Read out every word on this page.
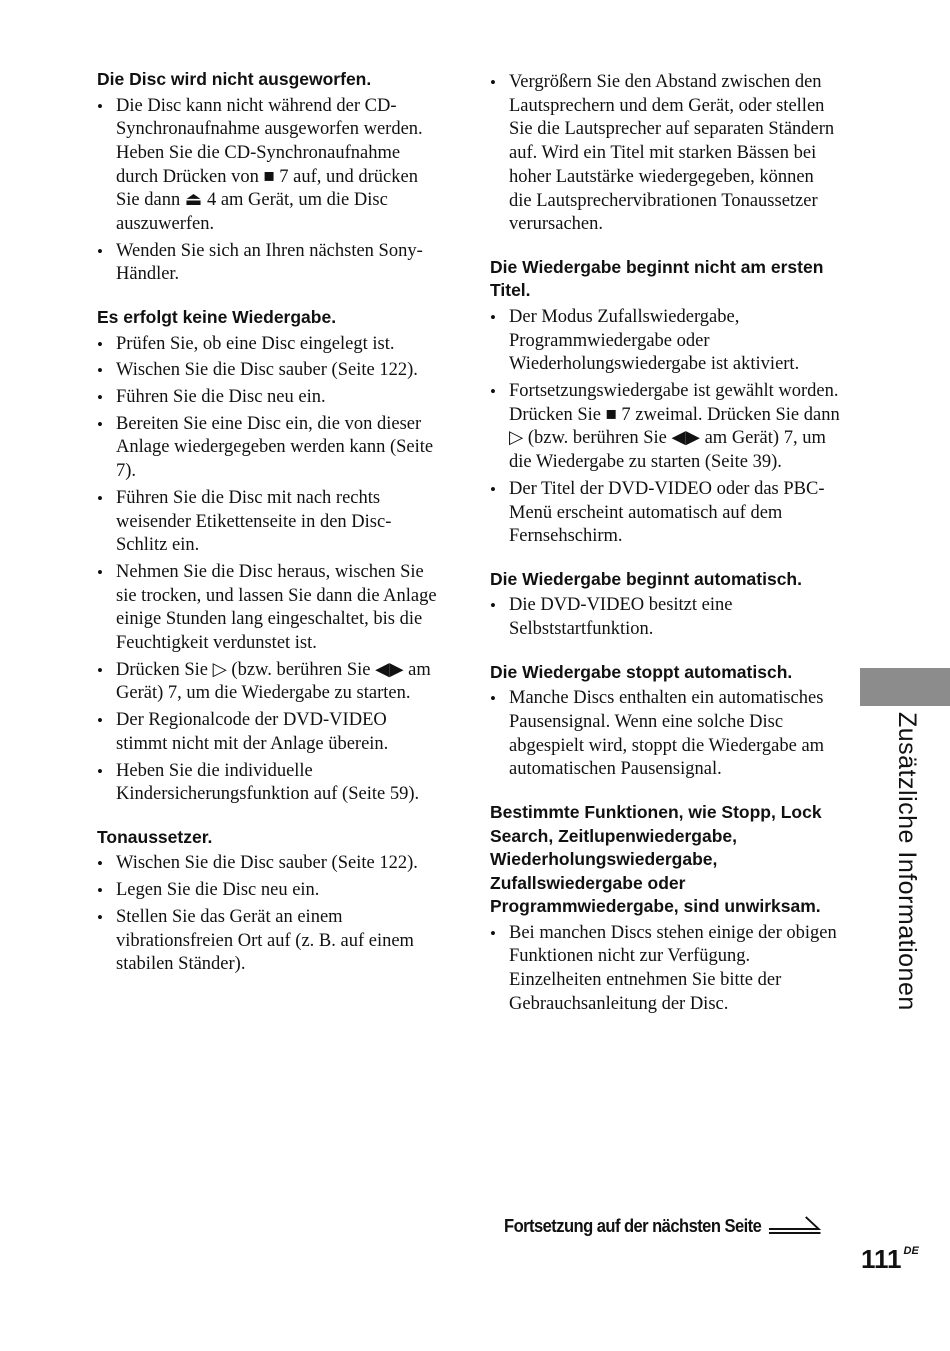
Die Disc wird nicht ausgeworfen.
• Die Disc kann nicht während der CD-Synchronaufnahme ausgeworfen werden. Heben Sie die CD-Synchronaufnahme durch Drücken von ■ 7 auf, und drücken Sie dann ⏏ 4 am Gerät, um die Disc auszuwerfen.
• Wenden Sie sich an Ihren nächsten Sony-Händler.
Es erfolgt keine Wiedergabe.
• Prüfen Sie, ob eine Disc eingelegt ist.
• Wischen Sie die Disc sauber (Seite 122).
• Führen Sie die Disc neu ein.
• Bereiten Sie eine Disc ein, die von dieser Anlage wiedergegeben werden kann (Seite 7).
• Führen Sie die Disc mit nach rechts weisender Etikettenseite in den Disc-Schlitz ein.
• Nehmen Sie die Disc heraus, wischen Sie sie trocken, und lassen Sie dann die Anlage einige Stunden lang eingeschaltet, bis die Feuchtigkeit verdunstet ist.
• Drücken Sie ▷ (bzw. berühren Sie ◀▶ am Gerät) 7, um die Wiedergabe zu starten.
• Der Regionalcode der DVD-VIDEO stimmt nicht mit der Anlage überein.
• Heben Sie die individuelle Kindersicherungsfunktion auf (Seite 59).
Tonaussetzer.
• Wischen Sie die Disc sauber (Seite 122).
• Legen Sie die Disc neu ein.
• Stellen Sie das Gerät an einem vibrationsfreien Ort auf (z. B. auf einem stabilen Ständer).
• Vergrößern Sie den Abstand zwischen den Lautsprechern und dem Gerät, oder stellen Sie die Lautsprecher auf separaten Ständern auf. Wird ein Titel mit starken Bässen bei hoher Lautstärke wiedergegeben, können die Lautsprechervibrationen Tonaussetzer verursachen.
Die Wiedergabe beginnt nicht am ersten Titel.
• Der Modus Zufallswiedergabe, Programmwiedergabe oder Wiederholungswiedergabe ist aktiviert.
• Fortsetzungswiedergabe ist gewählt worden. Drücken Sie ■ 7 zweimal. Drücken Sie dann ▷ (bzw. berühren Sie ◀▶ am Gerät) 7, um die Wiedergabe zu starten (Seite 39).
• Der Titel der DVD-VIDEO oder das PBC-Menü erscheint automatisch auf dem Fernsehschirm.
Die Wiedergabe beginnt automatisch.
• Die DVD-VIDEO besitzt eine Selbststartfunktion.
Die Wiedergabe stoppt automatisch.
• Manche Discs enthalten ein automatisches Pausensignal. Wenn eine solche Disc abgespielt wird, stoppt die Wiedergabe am automatischen Pausensignal.
Bestimmte Funktionen, wie Stopp, Lock Search, Zeitlupenwiedergabe, Wiederholungswiedergabe, Zufallswiedergabe oder Programmwiedergabe, sind unwirksam.
• Bei manchen Discs stehen einige der obigen Funktionen nicht zur Verfügung. Einzelheiten entnehmen Sie bitte der Gebrauchsanleitung der Disc.	Zusätzliche Informationen
Fortsetzung auf der nächsten Seite
111 $^{DE}$
